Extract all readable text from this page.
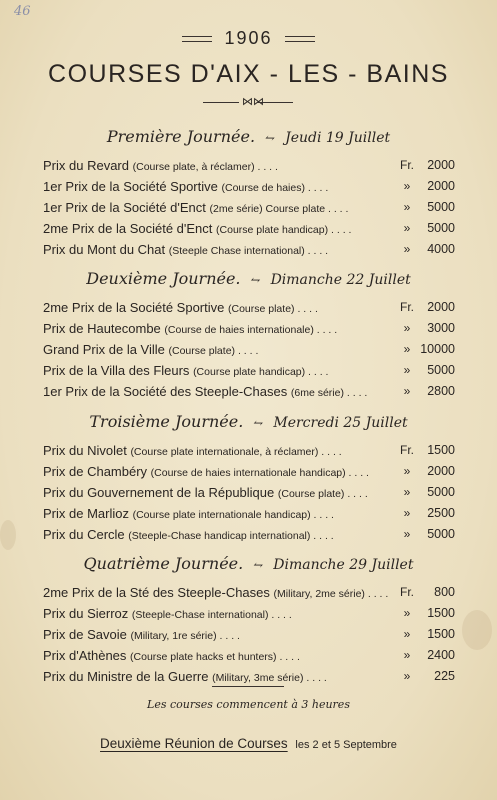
46
1906
COURSES D'AIX - LES - BAINS
⋈⋈
Première Journée. ⥊ Jeudi 19 Juillet
Prix du Revard (Course plate, à réclamer) . . . .	Fr. 2000
1er Prix de la Société Sportive (Course de haies) . . . .	»	2000
1er Prix de la Société d'Enct (2me série) Course plate . . . .	»	5000
2me Prix de la Société d'Enct (Course plate handicap) . . . .	»	5000
Prix du Mont du Chat (Steeple Chase international) . . . .	»	4000
Deuxième Journée. ⥊ Dimanche 22 Juillet
2me Prix de la Société Sportive (Course plate) . . . .	Fr. 2000
Prix de Hautecombe (Course de haies internationale) . . . .	»	3000
Grand Prix de la Ville (Course plate) . . . .	» 10000
Prix de la Villa des Fleurs (Course plate handicap) . . . .	»	5000
1er Prix de la Société des Steeple-Chases (6me série) . . . .	»	2800
Troisième Journée. ⥊ Mercredi 25 Juillet
Prix du Nivolet (Course plate internationale, à réclamer) . . . .	Fr. 1500
Prix de Chambéry (Course de haies internationale handicap) . . . .	»	2000
Prix du Gouvernement de la République (Course plate) . . . .	»	5000
Prix de Marlioz (Course plate internationale handicap) . . . .	»	2500
Prix du Cercle (Steeple-Chase handicap international) . . . .	»	5000
Quatrième Journée. ⥊ Dimanche 29 Juillet
2me Prix de la Sté des Steeple-Chases (Military, 2me série) . . . . Fr. 800
Prix du Sierroz (Steeple-Chase international) . . . .	»	1500
Prix de Savoie (Military, 1re série) . . . .	»	1500
Prix d'Athènes (Course plate hacks et hunters) . . . .	»	2400
Prix du Ministre de la Guerre (Military, 3me série) . . . .	»	225
Les courses commencent à 3 heures
Deuxième Réunion de Courses les 2 et 5 Septembre
